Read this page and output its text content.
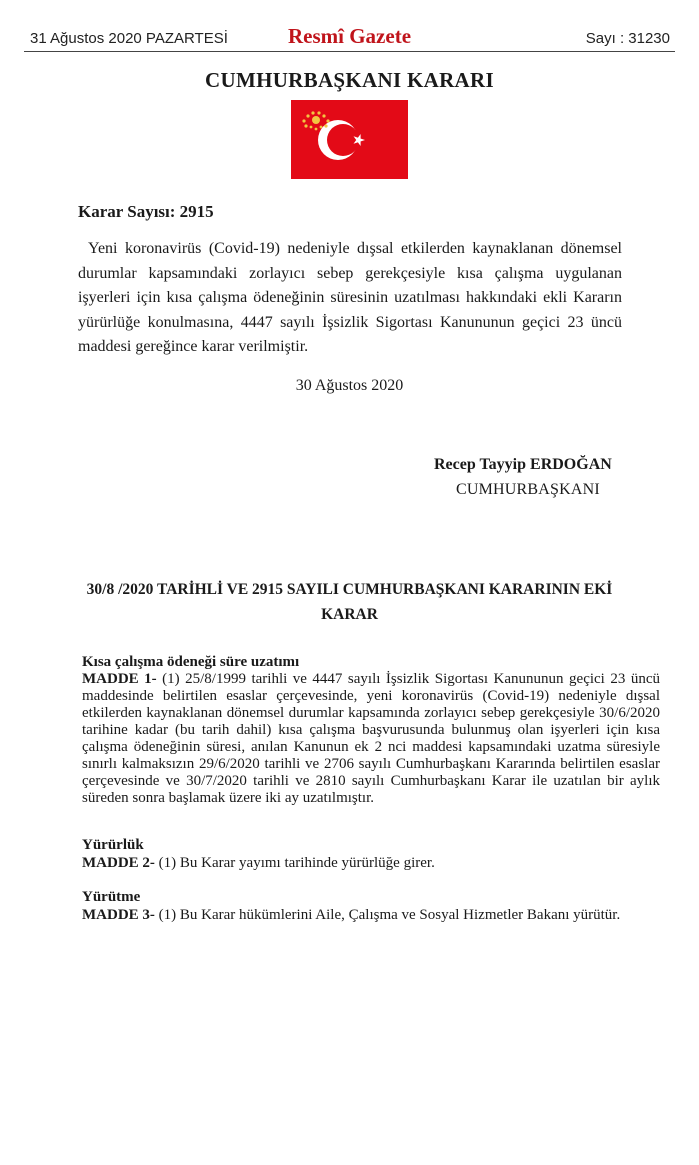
31 Ağustos 2020 PAZARTESİ	Resmî Gazete	Sayı : 31230
CUMHURBAŞKANI KARARI
Karar Sayısı: 2915
Yeni koronavirüs (Covid-19) nedeniyle dışsal etkilerden kaynaklanan dönemsel durumlar kapsamındaki zorlayıcı sebep gerekçesiyle kısa çalışma uygulanan işyerleri için kısa çalışma ödeneğinin süresinin uzatılması hakkındaki ekli Kararın yürürlüğe konulmasına, 4447 sayılı İşsizlik Sigortası Kanununun geçici 23 üncü maddesi gereğince karar verilmiştir.
30 Ağustos 2020
Recep Tayyip ERDOĞAN
CUMHURBAŞKANI
30/8 /2020 TARİHLİ VE 2915 SAYILI CUMHURBAŞKANI KARARININ EKİ
KARAR
Kısa çalışma ödeneği süre uzatımı
MADDE 1- (1) 25/8/1999 tarihli ve 4447 sayılı İşsizlik Sigortası Kanununun geçici 23 üncü maddesinde belirtilen esaslar çerçevesinde, yeni koronavirüs (Covid-19) nedeniyle dışsal etkilerden kaynaklanan dönemsel durumlar kapsamında zorlayıcı sebep gerekçesiyle 30/6/2020 tarihine kadar (bu tarih dahil) kısa çalışma başvurusunda bulunmuş olan işyerleri için kısa çalışma ödeneğinin süresi, anılan Kanunun ek 2 nci maddesi kapsamındaki uzatma süresiyle sınırlı kalmaksızın 29/6/2020 tarihli ve 2706 sayılı Cumhurbaşkanı Kararında belirtilen esaslar çerçevesinde ve 30/7/2020 tarihli ve 2810 sayılı Cumhurbaşkanı Karar ile uzatılan bir aylık süreden sonra başlamak üzere iki ay uzatılmıştır.
Yürürlük
MADDE 2- (1) Bu Karar yayımı tarihinde yürürlüğe girer.
Yürütme
MADDE 3- (1) Bu Karar hükümlerini Aile, Çalışma ve Sosyal Hizmetler Bakanı yürütür.
